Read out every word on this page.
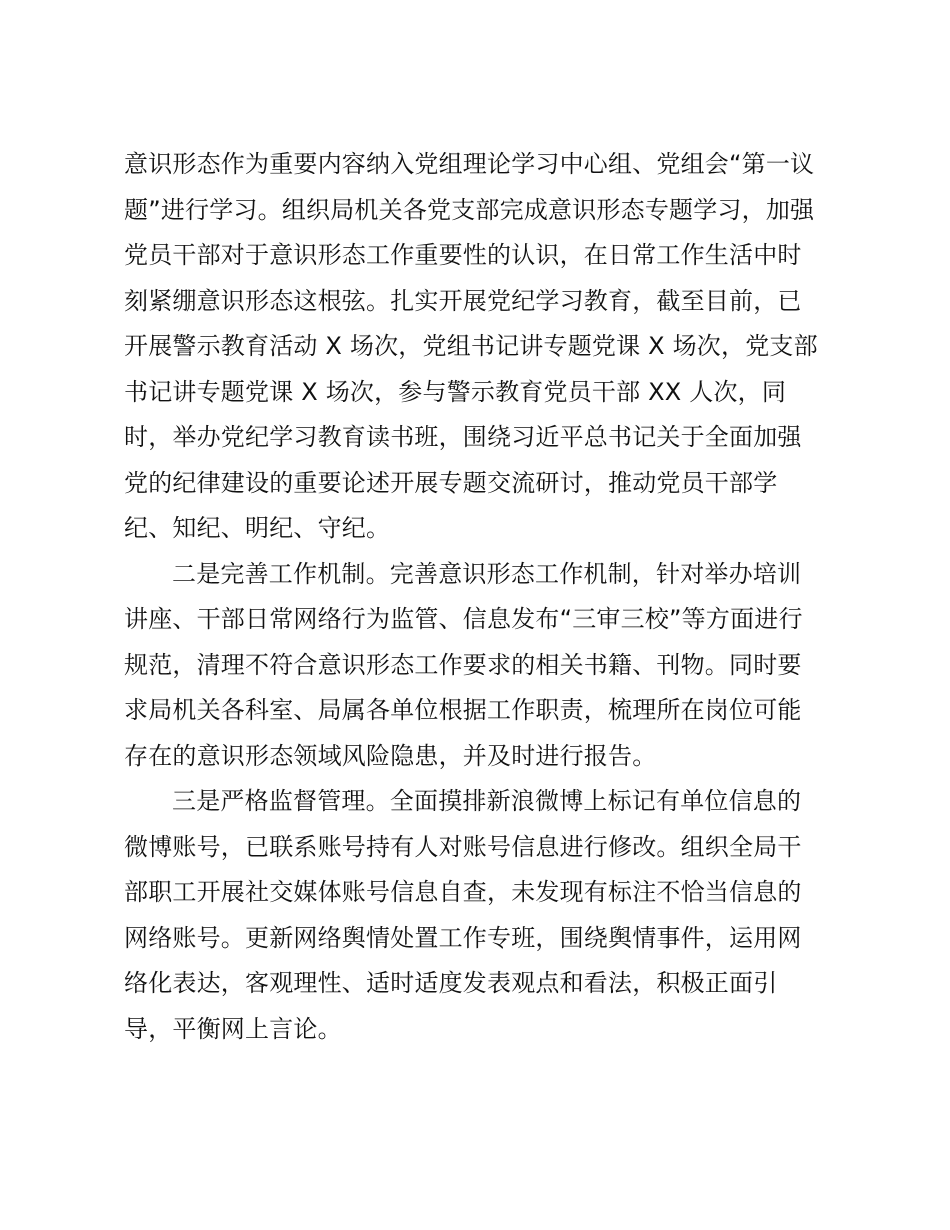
意识形态作为重要内容纳入党组理论学习中心组、党组会“第一议
题”进行学习。组织局机关各党支部完成意识形态专题学习，加强
党员干部对于意识形态工作重要性的认识，在日常工作生活中时
刻紧绷意识形态这根弦。扎实开展党纪学习教育，截至目前，已
开展警示教育活动 X 场次，党组书记讲专题党课 X 场次，党支部
书记讲专题党课 X 场次，参与警示教育党员干部 XX 人次，同
时，举办党纪学习教育读书班，围绕习近平总书记关于全面加强
党的纪律建设的重要论述开展专题交流研讨，推动党员干部学
纪、知纪、明纪、守纪。
二是完善工作机制。完善意识形态工作机制，针对举办培训
讲座、干部日常网络行为监管、信息发布“三审三校”等方面进行
规范，清理不符合意识形态工作要求的相关书籍、刊物。同时要
求局机关各科室、局属各单位根据工作职责，梳理所在岗位可能
存在的意识形态领域风险隐患，并及时进行报告。
三是严格监督管理。全面摸排新浪微博上标记有单位信息的
微博账号，已联系账号持有人对账号信息进行修改。组织全局干
部职工开展社交媒体账号信息自查，未发现有标注不恰当信息的
网络账号。更新网络舆情处置工作专班，围绕舆情事件，运用网
络化表达，客观理性、适时适度发表观点和看法，积极正面引
导，平衡网上言论。
